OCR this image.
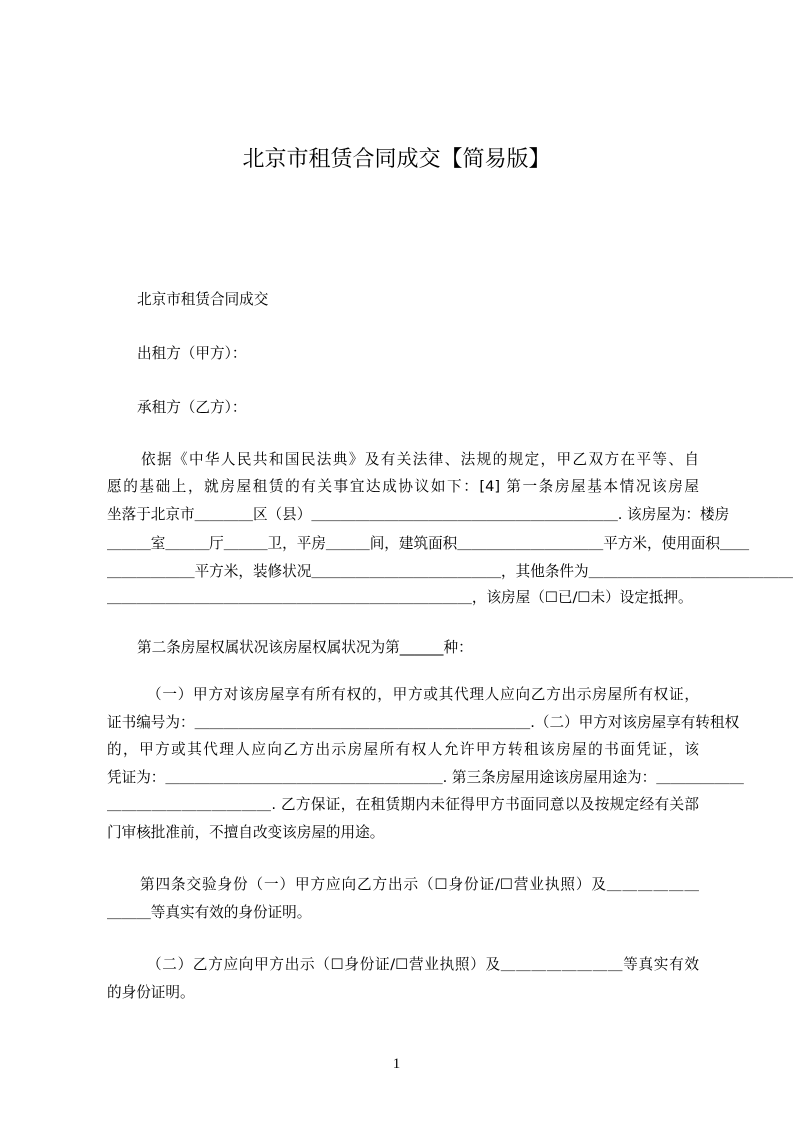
北京市租赁合同成交【简易版】
北京市租赁合同成交
出租方（甲方）：
承租方（乙方）：
依据《中华人民共和国民法典》及有关法律、法规的规定，甲乙双方在平等、自
愿的基础上，就房屋租赁的有关事宜达成协议如下：[4] 第一条房屋基本情况该房屋
坐落于北京市＿＿＿＿区（县）＿＿＿＿＿＿＿＿＿＿＿＿＿＿＿＿＿＿＿＿＿. 该房屋为：楼房
＿＿＿室＿＿＿厅＿＿＿卫，平房＿＿＿间，建筑面积＿＿＿＿＿＿＿＿＿＿平方米，使用面积＿＿
＿＿＿＿＿＿平方米，装修状况＿＿＿＿＿＿＿＿＿＿＿＿＿，其他条件为＿＿＿＿＿＿＿＿＿＿＿＿＿＿
＿＿＿＿＿＿＿＿＿＿＿＿＿＿＿＿＿＿＿＿＿＿＿＿＿，该房屋（☐已/☐未）设定抵押。
第二条房屋权属状况该房屋权属状况为第______种：
（一）甲方对该房屋享有所有权的，甲方或其代理人应向乙方出示房屋所有权证，
证书编号为：＿＿＿＿＿＿＿＿＿＿＿＿＿＿＿＿＿＿＿＿＿＿＿.（二）甲方对该房屋享有转租权
的，甲方或其代理人应向乙方出示房屋所有权人允许甲方转租该房屋的书面凭证，该
凭证为：＿＿＿＿＿＿＿＿＿＿＿＿＿＿＿＿＿＿＿. 第三条房屋用途该房屋用途为：＿＿＿＿＿＿
＿＿＿＿＿＿＿＿＿＿＿. 乙方保证，在租赁期内未征得甲方书面同意以及按规定经有关部
门审核批准前，不擅自改变该房屋的用途。
第四条交验身份（一）甲方应向乙方出示（☐身份证/☐营业执照）及＿＿＿＿＿＿
＿＿＿等真实有效的身份证明。
（二）乙方应向甲方出示（☐身份证/☐营业执照）及＿＿＿＿＿＿＿＿等真实有效
的身份证明。
1
